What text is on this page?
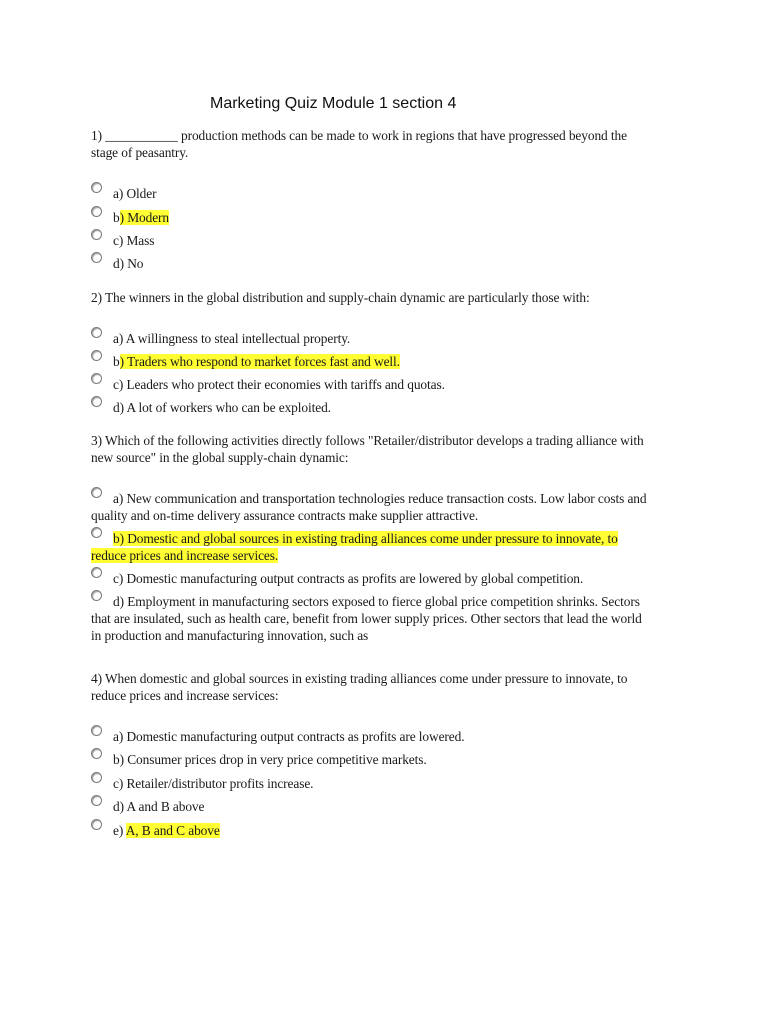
Marketing Quiz Module 1 section 4
1) ___________ production methods can be made to work in regions that have progressed beyond the
stage of peasantry.
a) Older
b) Modern
c) Mass
d) No
2) The winners in the global distribution and supply-chain dynamic are particularly those with:
a) A willingness to steal intellectual property.
b) Traders who respond to market forces fast and well.
c) Leaders who protect their economies with tariffs and quotas.
d) A lot of workers who can be exploited.
3) Which of the following activities directly follows "Retailer/distributor develops a trading alliance with
new source" in the global supply-chain dynamic:
a) New communication and transportation technologies reduce transaction costs. Low labor costs and
quality and on-time delivery assurance contracts make supplier attractive.
b) Domestic and global sources in existing trading alliances come under pressure to innovate, to
reduce prices and increase services.
c) Domestic manufacturing output contracts as profits are lowered by global competition.
d) Employment in manufacturing sectors exposed to fierce global price competition shrinks. Sectors
that are insulated, such as health care, benefit from lower supply prices. Other sectors that lead the world
in production and manufacturing innovation, such as
4) When domestic and global sources in existing trading alliances come under pressure to innovate, to
reduce prices and increase services:
a) Domestic manufacturing output contracts as profits are lowered.
b) Consumer prices drop in very price competitive markets.
c) Retailer/distributor profits increase.
d) A and B above
e) A, B and C above
